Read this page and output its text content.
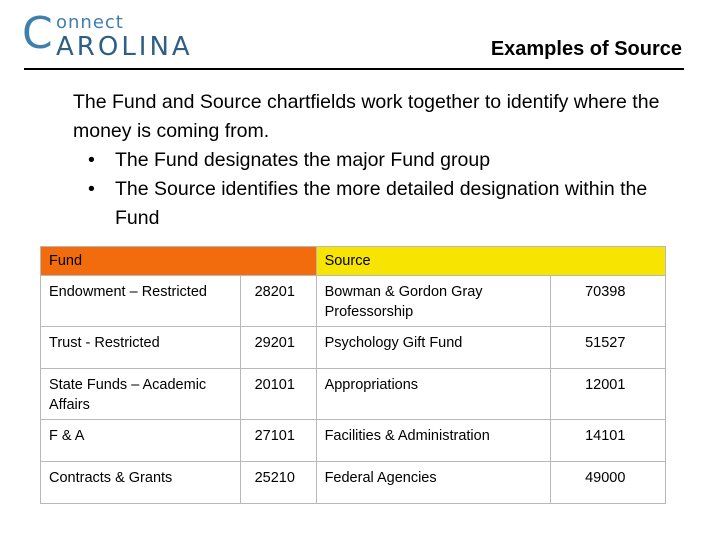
C onnect
AROLINA	Examples of Source
The Fund and Source chartfields work together to identify where the money is coming from.
• The Fund designates the major Fund group
• The Source identifies the more detailed designation within the Fund
Fund		Source	
Endowment – Restricted	28201	Bowman & Gordon Gray Professorship	70398
Trust - Restricted	29201	Psychology Gift Fund	51527
State Funds – Academic Affairs	20101	Appropriations	12001
F & A	27101	Facilities & Administration	14101
Contracts & Grants	25210	Federal Agencies	49000
